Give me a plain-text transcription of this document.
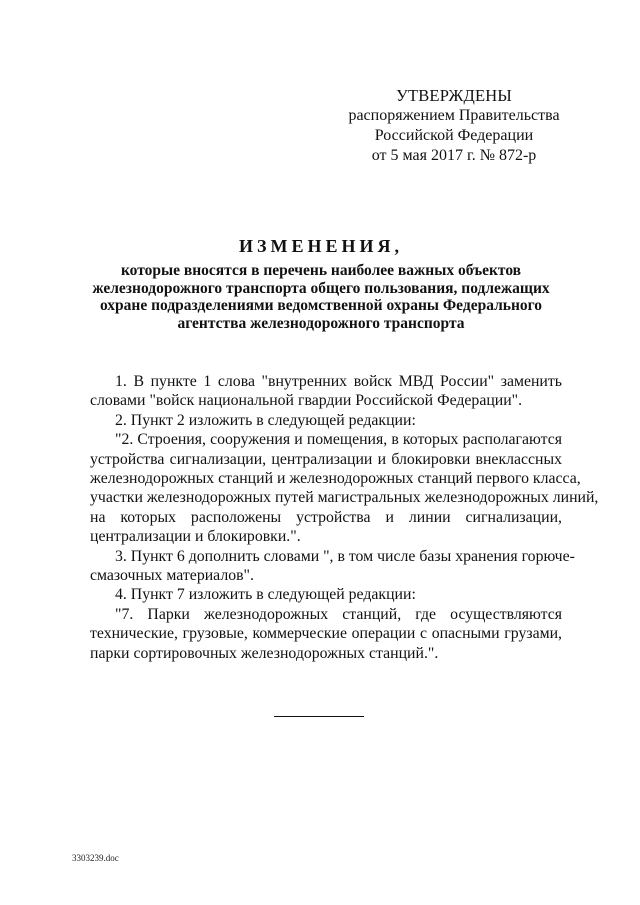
УТВЕРЖДЕНЫ
распоряжением Правительства
Российской Федерации
от 5 мая 2017 г. № 872-р
ИЗМЕНЕНИЯ,
которые вносятся в перечень наиболее важных объектов
железнодорожного транспорта общего пользования, подлежащих
охране подразделениями ведомственной охраны Федерального
агентства железнодорожного транспорта
1. В пункте 1 слова "внутренних войск МВД России" заменить
словами "войск национальной гвардии Российской Федерации".
2. Пункт 2 изложить в следующей редакции:
"2. Строения, сооружения и помещения, в которых располагаются
устройства сигнализации, централизации и блокировки внеклассных
железнодорожных станций и железнодорожных станций первого класса,
участки железнодорожных путей магистральных железнодорожных линий,
на которых расположены устройства и линии сигнализации,
централизации и блокировки.".
3. Пункт 6 дополнить словами ", в том числе базы хранения горюче-
смазочных материалов".
4. Пункт 7 изложить в следующей редакции:
"7. Парки железнодорожных станций, где осуществляются
технические, грузовые, коммерческие операции с опасными грузами,
парки сортировочных железнодорожных станций.".
3303239.doc
